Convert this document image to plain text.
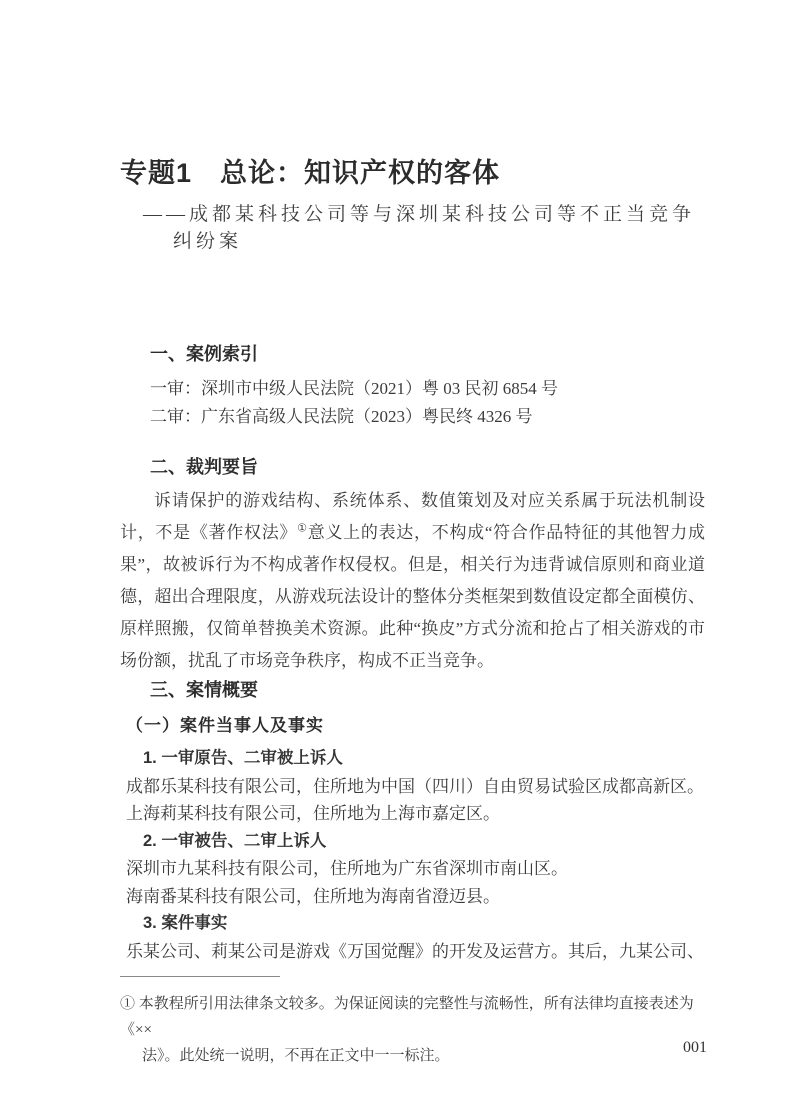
专题1　总论：知识产权的客体
——成都某科技公司等与深圳某科技公司等不正当竞争
纠纷案
一、案例索引
一审：深圳市中级人民法院（2021）粤 03 民初 6854 号
二审：广东省高级人民法院（2023）粤民终 4326 号
二、裁判要旨

诉请保护的游戏结构、系统体系、数值策划及对应关系属于玩法机制设计，不是《著作权法》①意义上的表达，不构成“符合作品特征的其他智力成果”，故被诉行为不构成著作权侵权。但是，相关行为违背诚信原则和商业道德，超出合理限度，从游戏玩法设计的整体分类框架到数值设定都全面模仿、原样照搬，仅简单替换美术资源。此种“换皮”方式分流和抢占了相关游戏的市场份额，扰乱了市场竞争秩序，构成不正当竞争。

三、案情概要
（一）案件当事人及事实
1. 一审原告、二审被上诉人
成都乐某科技有限公司，住所地为中国（四川）自由贸易试验区成都高新区。
上海莉某科技有限公司，住所地为上海市嘉定区。
2. 一审被告、二审上诉人
深圳市九某科技有限公司，住所地为广东省深圳市南山区。
海南番某科技有限公司，住所地为海南省澄迈县。
3. 案件事实
乐某公司、莉某公司是游戏《万国觉醒》的开发及运营方。其后，九某公司、
① 本教程所引用法律条文较多。为保证阅读的完整性与流畅性，所有法律均直接表述为《××
法》。此处统一说明，不再在正文中一一标注。	001
